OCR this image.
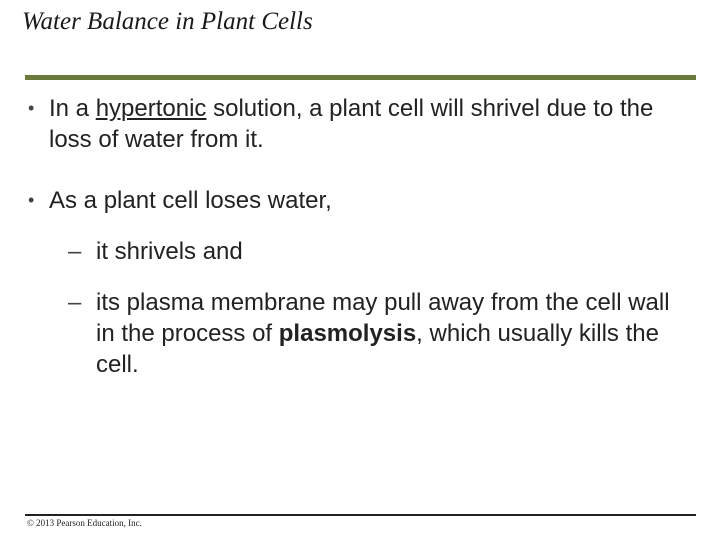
Water Balance in Plant Cells
• In a hypertonic solution, a plant cell will shrivel due to the loss of water from it.
• As a plant cell loses water,
– it shrivels and
– its plasma membrane may pull away from the cell wall in the process of plasmolysis, which usually kills the cell.
© 2013 Pearson Education, Inc.
